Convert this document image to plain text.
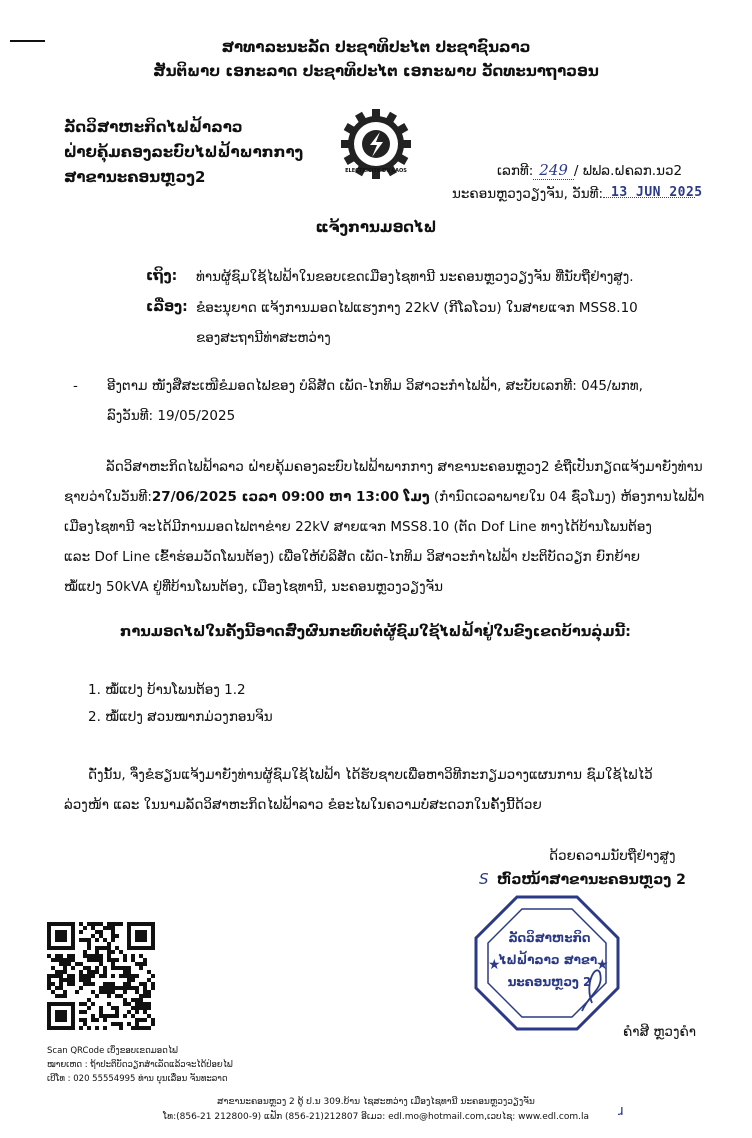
ສາທາລະນະລັດ ປະຊາທິປະໄຕ ປະຊາຊົນລາວ
ສັນຕິພາບ ເອກະລາດ ປະຊາທິປະໄຕ ເອກະພາບ ວັດທະນາຖາວອນ
ລັດວິສາຫະກິດໄຟຟ້າລາວ
ຝ່າຍຄຸ້ມຄອງລະບົບໄຟຟ້າພາກກາງ
ສາຂານະຄອນຫຼວງ2	ELECTRICITE DU LAOS	ເລກທີ: 249 / ຟຟລ.ຝຄລກ.ນວ2
ນະຄອນຫຼວງວຽງຈັນ, ວັນທີ: 13 JUN 2025
ແຈ້ງການມອດໄຟ
ເຖິງ: ທ່ານຜູ້ຊົມໃຊ້ໄຟຟ້າໃນຂອບເຂດເມືອງໄຊທານີ ນະຄອນຫຼວງວຽງຈັນ ທີ່ນັບຖືຢ່າງສູງ.
ເລື່ອງ: ຂໍອະນຸຍາດ ແຈ້ງການມອດໄຟແຮງກາງ 22kV (ກີໂລໂວນ) ໃນສາຍແຈກ MSS8.10
ຂອງສະຖານີທ່າສະຫວ່າງ
- ອີງຕາມ ໜັງສືສະເໜີຂໍມອດໄຟຂອງ ບໍລິສັດ ເພັດ-ໄກທິມ ວິສາວະກຳໄຟຟ້າ, ສະບັບເລກທີ: 045/ພກທ,
ລົງວັນທີ: 19/05/2025
ລັດວິສາຫະກິດໄຟຟ້າລາວ ຝ່າຍຄຸ້ມຄອງລະບົບໄຟຟ້າພາກກາງ ສາຂານະຄອນຫຼວງ2 ຂໍຖືເປັນກຽດແຈ້ງມາຍັງທ່ານ
ຊາບວ່າໃນວັນທີ:27/06/2025 ເວລາ 09:00 ຫາ 13:00 ໂມງ (ກຳນົດເວລາພາຍໃນ 04 ຊົ່ວໂມງ) ຫ້ອງການໄຟຟ້າ
ເມືອງໄຊທານີ ຈະໄດ້ມີການມອດໄຟຕາຂ່າຍ 22kV ສາຍແຈກ MSS8.10 (ຕັດ Dof Line ທາງໄດ້ບ້ານໂພນຕ້ອງ
ແລະ Dof Line ເຂົ້າຮ່ອມວັດໂພນຕ້ອງ) ເພື່ອໃຫ້ບໍລິສັດ ເພັດ-ໄກທິມ ວິສາວະກຳໄຟຟ້າ ປະຕິບັດວຽກ ຍົກຍ້າຍ
ໝໍ້ແປງ 50kVA ຢູ່ທີ່ບ້ານໂພນຕ້ອງ, ເມືອງໄຊທານີ, ນະຄອນຫຼວງວຽງຈັນ
ການມອດໄຟໃນຄັ້ງນີ້ອາດສົ່ງຜົນກະທົບຕໍ່ຜູ້ຊົມໃຊ້ໄຟຟ້າຢູ່ໃນຂົງເຂດບ້ານລຸ່ມນີ້:
1. ໝໍ້ແປງ ບ້ານໂພນຕ້ອງ 1.2
2. ໝໍ້ແປງ ສວນໝາກມ່ວງກອນຈິນ
ດັ່ງນັ້ນ, ຈຶ່ງຂໍຮຽນແຈ້ງມາຍັງທ່ານຜູ້ຊົມໃຊ້ໄຟຟ້າ ໄດ້ຮັບຊາບເພື່ອຫາວິທີກະກຽມວາງແຜນການ ຊົມໃຊ້ໄຟໄວ້
ລ່ວງໜ້າ ແລະ ໃນນາມລັດວິສາຫະກິດໄຟຟ້າລາວ ຂໍອະໄພໃນຄວາມບໍ່ສະດວກໃນຄັ້ງນີ້ດ້ວຍ
ດ້ວຍຄວາມນັບຖືຢ່າງສູງ
S ຫົວໜ້າສາຂານະຄອນຫຼວງ 2
★	★
ລັດວິສາຫະກິດ
ໄຟຟ້າລາວ ສາຂາ
ນະຄອນຫຼວງ 2
ຄຳສີ ຫຼວງຄຳ
Scan QRCode ເບິ່ງຂອບເຂດມອດໄຟ
ໝາຍເຫດ : ຖ້າປະຕິບັດວຽກສຳເລັດແລ້ວຈະໄດ້ປ່ອຍໄຟ
ເບີໂທ : 020 55554995 ທ່ານ ບຸນເລື່ອນ ຈັນທະລາດ
ສາຂານະຄອນຫຼວງ 2 ຕູ້ ປ.ນ 309.ບ້ານ ໄຊສະຫວ່າງ ເມືອງໄຊທານີ ນະຄອນຫຼວງວຽງຈັນ
ໂທ:(856-21 212800-9) ແຟັກ (856-21)212807 ອີເມວ: edl.mo@hotmail.com,ເວບໄຊ: www.edl.com.la	ɹ
